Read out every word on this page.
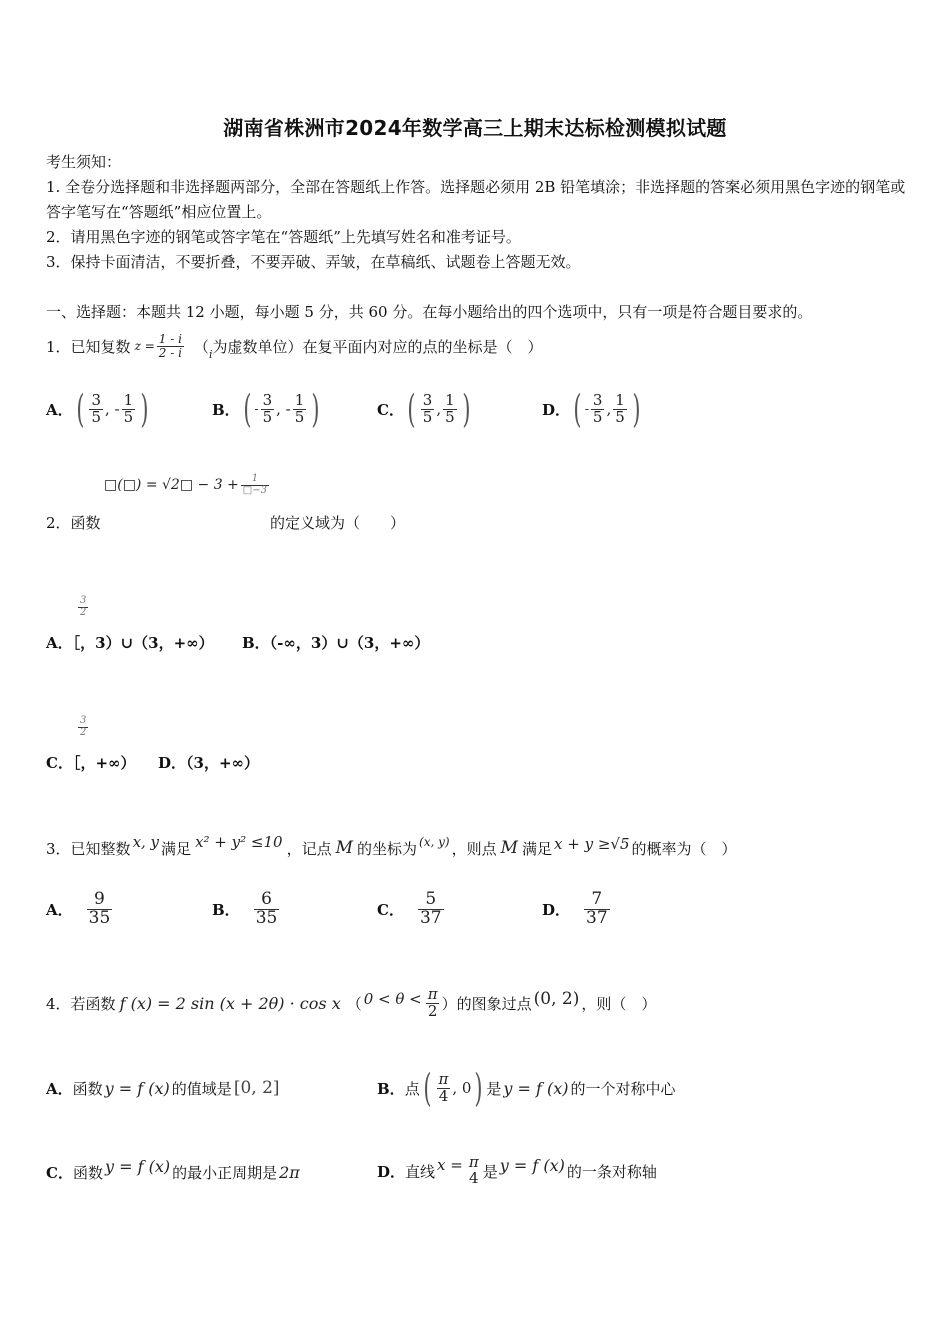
湖南省株洲市2024年数学高三上期末达标检测模拟试题
考生须知：
1. 全卷分选择题和非选择题两部分，全部在答题纸上作答。选择题必须用 2B 铅笔填涂；非选择题的答案必须用黑色字迹的钢笔或答字笔写在“答题纸”相应位置上。
2．请用黑色字迹的钢笔或答字笔在“答题纸”上先填写姓名和准考证号。
3．保持卡面清洁，不要折叠，不要弄破、弄皱，在草稿纸、试题卷上答题无效。
一、选择题：本题共 12 小题，每小题 5 分，共 60 分。在每小题给出的四个选项中，只有一项是符合题目要求的。
1． 已知复数 $z = \frac{1 - i}{2 - i}$ （ i 为虚数单位）在复平面内对应的点的坐标是（　）
A． ( $\frac{3}{5}$ , - $\frac{1}{5}$ )	B． ( - $\frac{3}{5}$ , - $\frac{1}{5}$ )	C． ( $\frac{3}{5}$ , $\frac{1}{5}$ )	D． ( - $\frac{3}{5}$ , $\frac{1}{5}$ )
□(□) = √2□ − $3 + \frac{1}{□-3}$
2．函数	的定义域为（　　）
$\frac{3}{2}$
A．［，3）∪（3，+∞） B．（-∞，3）∪（3，+∞）
$\frac{3}{2}$
C．［，+∞） D．（3，+∞）
3． 已知整数 x, y 满足 x² + y² ≤10 ，记点 M 的坐标为 (x, y) ，则点 M 满足 x + y ≥√5 的概率为（　）
A． $\frac{9}{35}$	B． $\frac{6}{35}$	C． $\frac{5}{37}$	D． $\frac{7}{37}$
4． 若函数 f (x) = 2 sin (x + 2θ) · cos x （ $0 < \theta < \frac{\pi}{2}$ ） 的图象过点 (0, 2) ，则（　）
A． 函数 y = f (x) 的值域是 [0, 2]	B． 点 ( $\frac{\pi}{4}$ , 0 ) 是 y = f (x) 的一个对称中心
C． 函数 y = f (x) 的最小正周期是 2π	D． 直线 x = π
4 是 y = f (x) 的一条对称轴
